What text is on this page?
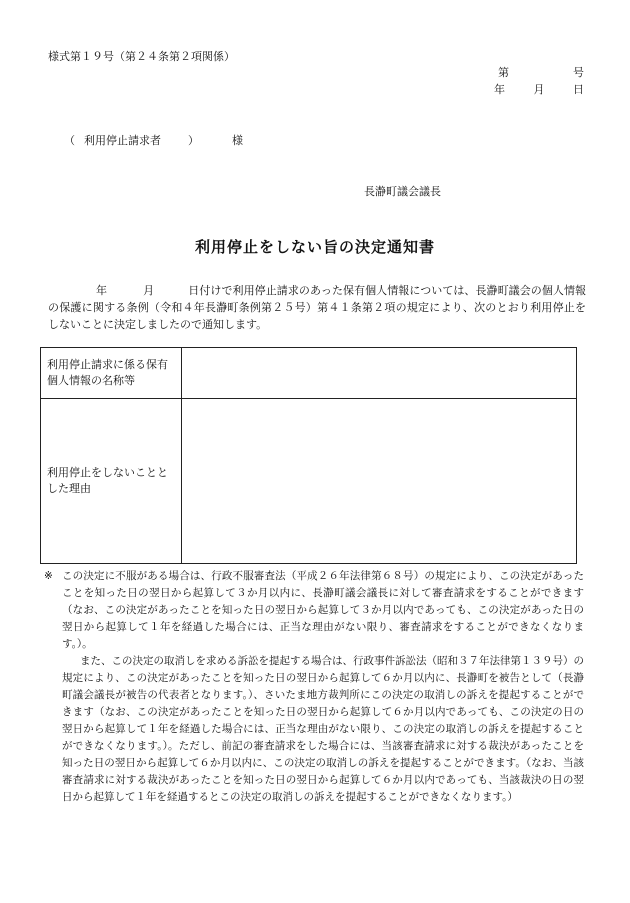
様式第１９号（第２４条第２項関係）
第	号
年	月	日
（ 利用停止請求者	）	様
長瀞町議会議長
利用停止をしない旨の決定通知書
年	月	日付けで利用停止請求のあった保有個人情報については、長瀞町議会の個人情報の保護に関する条例（令和４年長瀞町条例第２５号）第４１条第２項の規定により、次のとおり利用停止をしないことに決定しましたので通知します。
利用停止請求に係る保有個人情報の名称等	
利用停止をしないこととした理由	
※ この決定に不服がある場合は、行政不服審査法（平成２６年法律第６８号）の規定により、この決定があったことを知った日の翌日から起算して３か月以内に、長瀞町議会議長に対して審査請求をすることができます（なお、この決定があったことを知った日の翌日から起算して３か月以内であっても、この決定があった日の翌日から起算して１年を経過した場合には、正当な理由がない限り、審査請求をすることができなくなります。）。

また、この決定の取消しを求める訴訟を提起する場合は、行政事件訴訟法（昭和３７年法律第１３９号）の規定により、この決定があったことを知った日の翌日から起算して６か月以内に、長瀞町を被告として（長瀞町議会議長が被告の代表者となります。）、さいたま地方裁判所にこの決定の取消しの訴えを提起することができます（なお、この決定があったことを知った日の翌日から起算して６か月以内であっても、この決定の日の翌日から起算して１年を経過した場合には、正当な理由がない限り、この決定の取消しの訴えを提起することができなくなります。）。ただし、前記の審査請求をした場合には、当該審査請求に対する裁決があったことを知った日の翌日から起算して６か月以内に、この決定の取消しの訴えを提起することができます。（なお、当該審査請求に対する裁決があったことを知った日の翌日から起算して６か月以内であっても、当該裁決の日の翌日から起算して１年を経過するとこの決定の取消しの訴えを提起することができなくなります。）
